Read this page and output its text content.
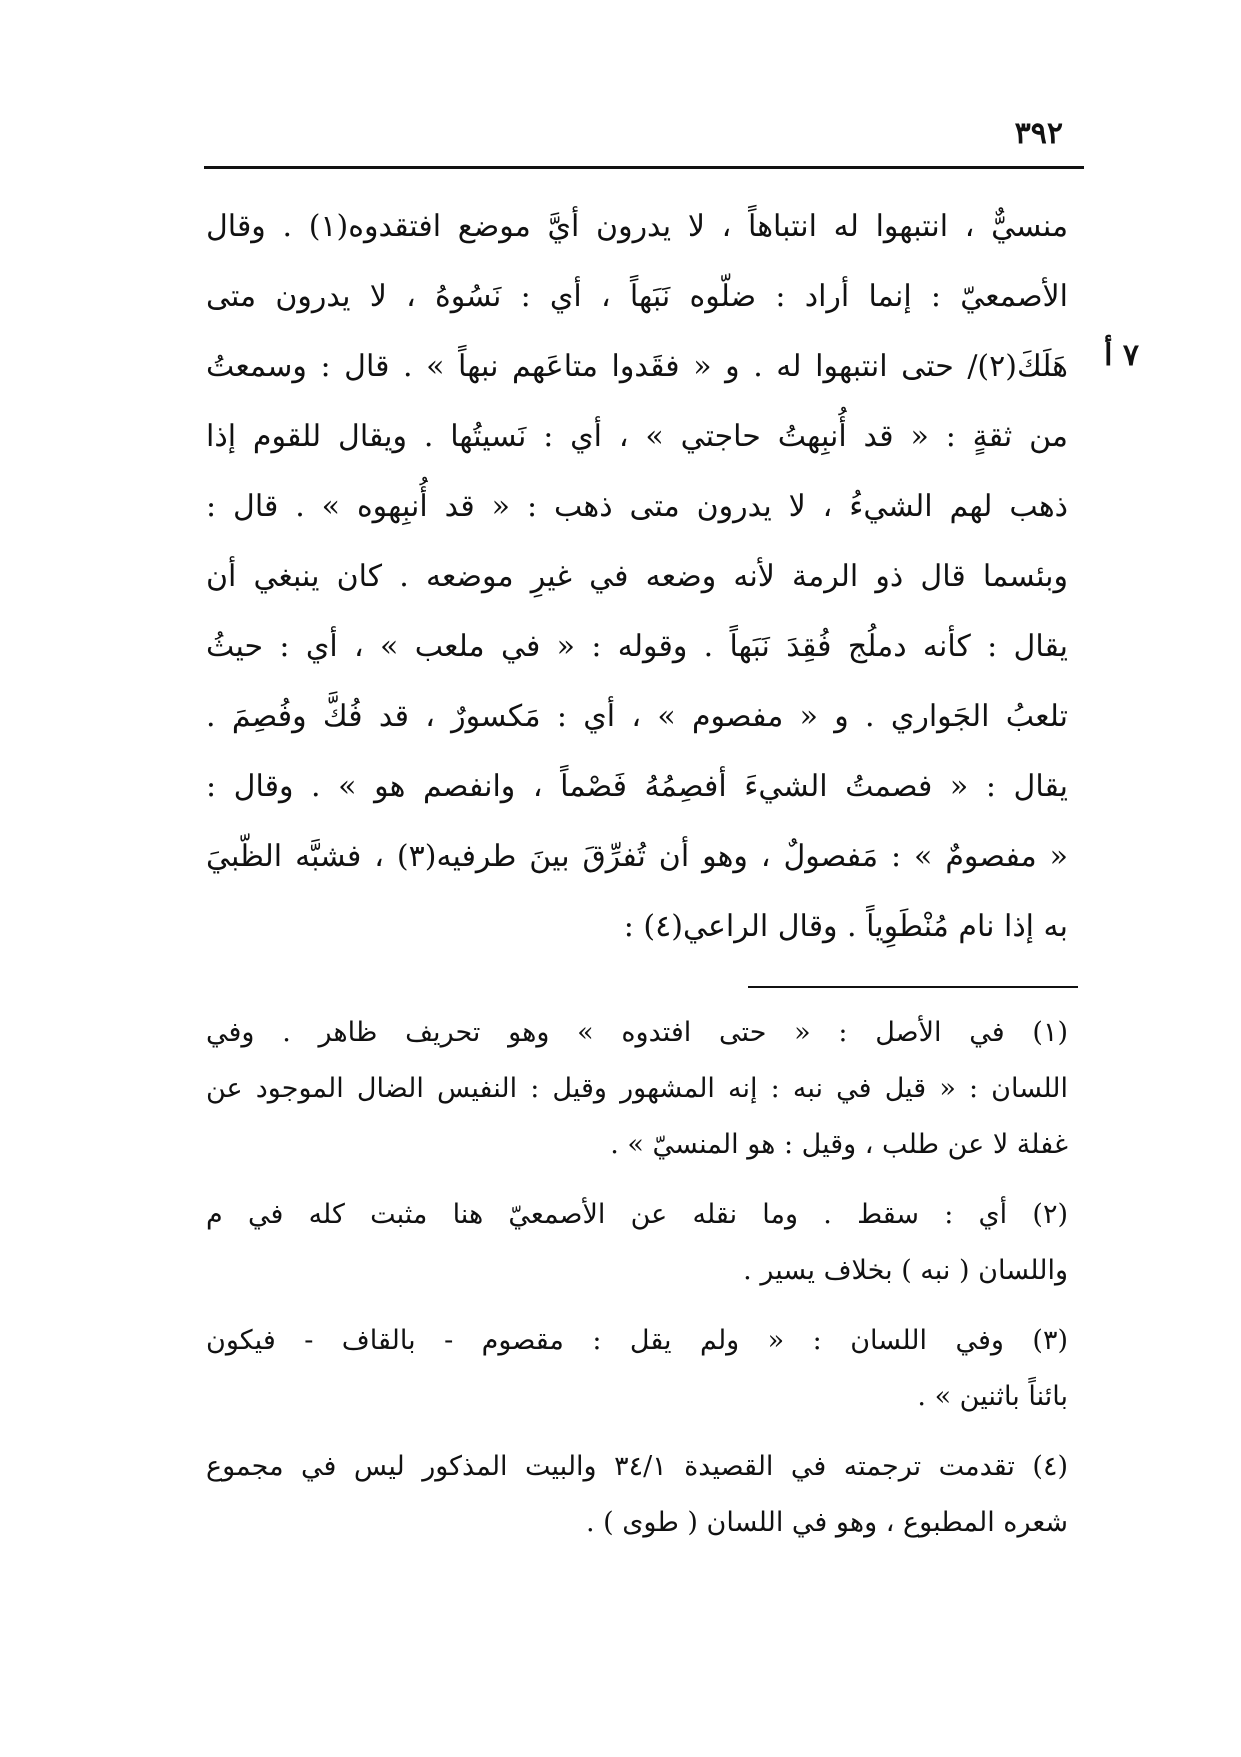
٣٩٢
منسيٌّ ، انتبهوا له انتباهاً ، لا يدرون أيَّ موضع افتقدوه(١) . وقال
الأصمعيّ : إنما أراد : ضلّوه نَبَهاً ، أي : نَسُوهُ ، لا يدرون متى
هَلَكَ(٢)/ حتى انتبهوا له . و « فقَدوا متاعَهم نبهاً » . قال : وسمعتُ
من ثقةٍ : « قد أُنبِهتُ حاجتي » ، أي : نَسيتُها . ويقال للقوم إذا
ذهب لهم الشيءُ ، لا يدرون متى ذهب : « قد أُنبِهوه » . قال :
وبئسما قال ذو الرمة لأنه وضعه في غيرِ موضعه . كان ينبغي أن
يقال : كأنه دملُج فُقِدَ نَبَهاً . وقوله : « في ملعب » ، أي : حيثُ
تلعبُ الجَواري . و « مفصوم » ، أي : مَكسورٌ ، قد فُكَّ وفُصِمَ .
يقال : « فصمتُ الشيءَ أفصِمُهُ فَصْماً ، وانفصم هو » . وقال :
« مفصومٌ » : مَفصولٌ ، وهو أن تُفرِّقَ بينَ طرفيه(٣) ، فشبَّه الظّبيَ
به إذا نام مُنْطَوِياً . وقال الراعي(٤) :
٧ أ
(١) في الأصل : « حتى افتدوه » وهو تحريف ظاهر . وفي
اللسان : « قيل في نبه : إنه المشهور وقيل : النفيس الضال الموجود عن
غفلة لا عن طلب ، وقيل : هو المنسيّ » .
(٢) أي : سقط . وما نقله عن الأصمعيّ هنا مثبت كله في م
واللسان ( نبه ) بخلاف يسير .
(٣) وفي اللسان : « ولم يقل : مقصوم - بالقاف - فيكون
بائناً باثنين » .
(٤) تقدمت ترجمته في القصيدة ٣٤/١ والبيت المذكور ليس في مجموع
شعره المطبوع ، وهو في اللسان ( طوى ) .
